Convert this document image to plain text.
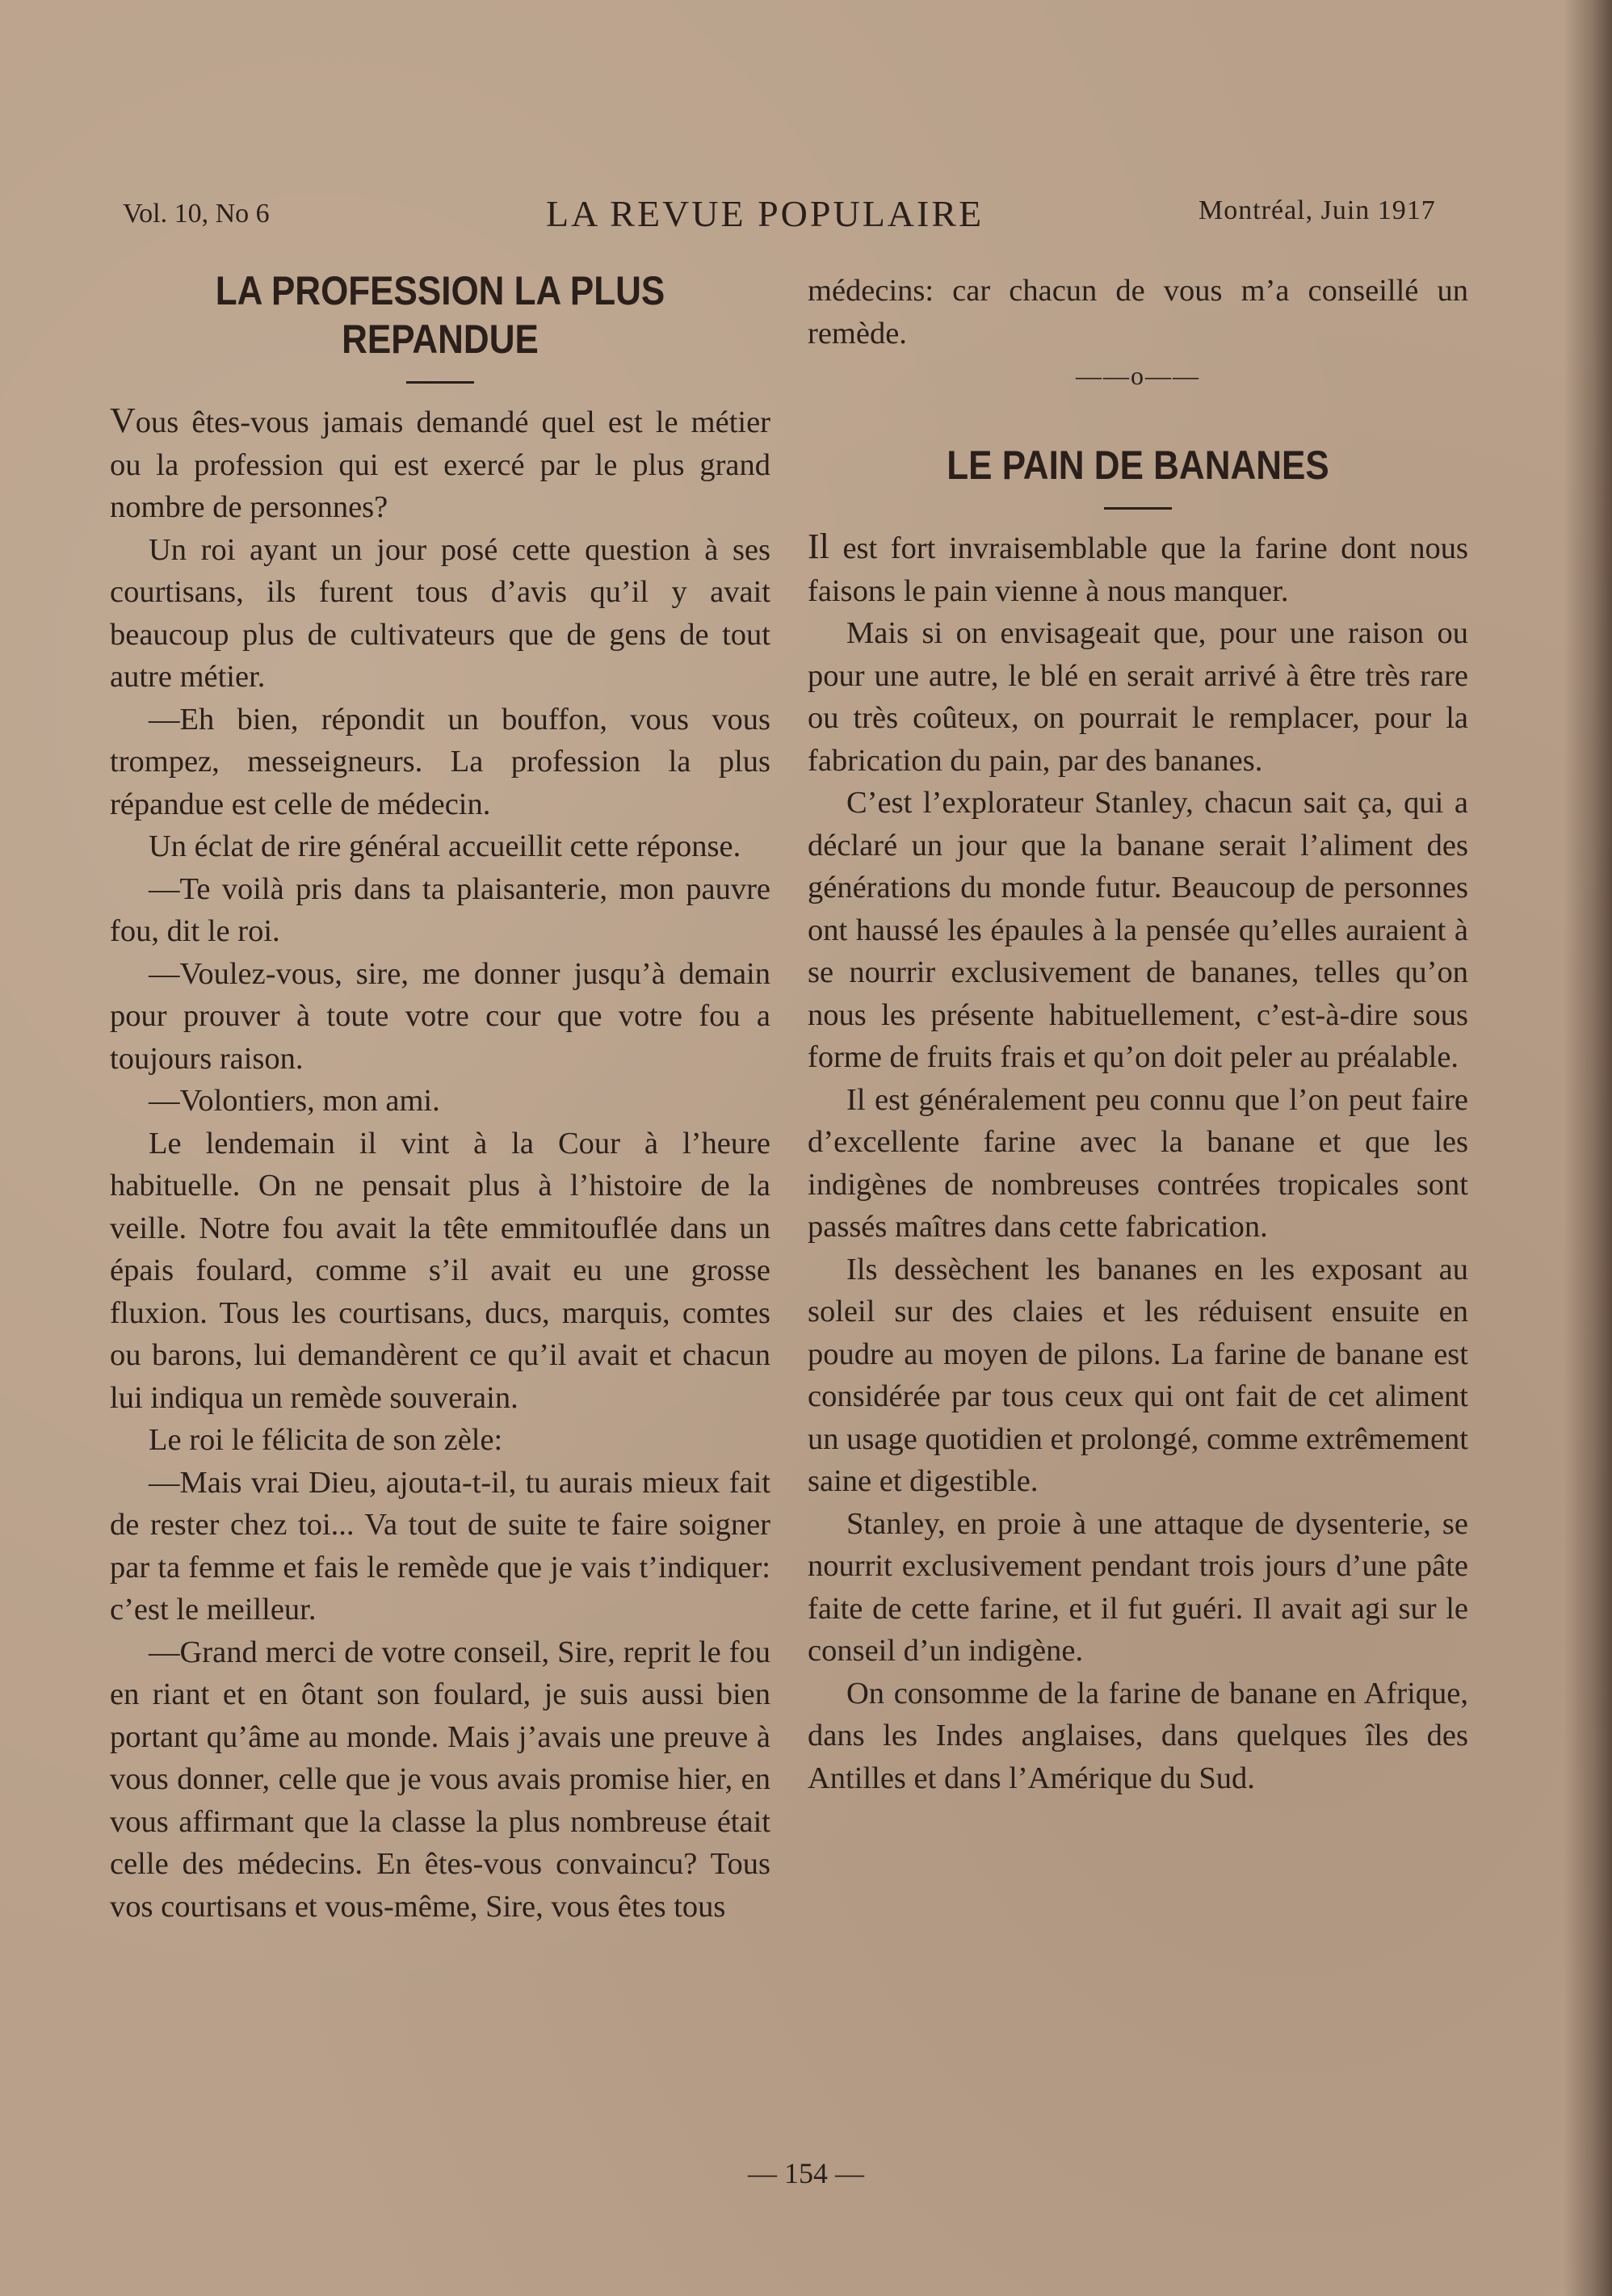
Vol. 10, No 6	LA REVUE POPULAIRE	Montréal, Juin 1917
LA PROFESSION LA PLUS
REPANDUE

Vous êtes-vous jamais demandé quel est le métier ou la profession qui est exercé par le plus grand nombre de personnes?

Un roi ayant un jour posé cette question à ses courtisans, ils furent tous d’avis qu’il y avait beaucoup plus de cultivateurs que de gens de tout autre métier.

—Eh bien, répondit un bouffon, vous vous trompez, messeigneurs. La profession la plus répandue est celle de médecin.

Un éclat de rire général accueillit cette réponse.

—Te voilà pris dans ta plaisanterie, mon pauvre fou, dit le roi.

—Voulez-vous, sire, me donner jusqu’à demain pour prouver à toute votre cour que votre fou a toujours raison.

—Volontiers, mon ami.

Le lendemain il vint à la Cour à l’heure habituelle. On ne pensait plus à l’histoire de la veille. Notre fou avait la tête emmitouflée dans un épais foulard, comme s’il avait eu une grosse fluxion. Tous les courtisans, ducs, marquis, comtes ou barons, lui demandèrent ce qu’il avait et chacun lui indiqua un remède souverain.

Le roi le félicita de son zèle:

—Mais vrai Dieu, ajouta-t-il, tu aurais mieux fait de rester chez toi... Va tout de suite te faire soigner par ta femme et fais le remède que je vais t’indiquer: c’est le meilleur.

—Grand merci de votre conseil, Sire, reprit le fou en riant et en ôtant son foulard, je suis aussi bien portant qu’âme au monde. Mais j’avais une preuve à vous donner, celle que je vous avais promise hier, en vous affirmant que la classe la plus nombreuse était celle des médecins. En êtes-vous convaincu? Tous vos courtisans et vous-même, Sire, vous êtes tous

médecins: car chacun de vous m’a conseillé un remède.

——o——
LE PAIN DE BANANES

Il est fort invraisemblable que la farine dont nous faisons le pain vienne à nous manquer.

Mais si on envisageait que, pour une raison ou pour une autre, le blé en serait arrivé à être très rare ou très coûteux, on pourrait le remplacer, pour la fabrication du pain, par des bananes.

C’est l’explorateur Stanley, chacun sait ça, qui a déclaré un jour que la banane serait l’aliment des générations du monde futur. Beaucoup de personnes ont haussé les épaules à la pensée qu’elles auraient à se nourrir exclusivement de bananes, telles qu’on nous les présente habituellement, c’est-à-dire sous forme de fruits frais et qu’on doit peler au préalable.

Il est généralement peu connu que l’on peut faire d’excellente farine avec la banane et que les indigènes de nombreuses contrées tropicales sont passés maîtres dans cette fabrication.

Ils dessèchent les bananes en les exposant au soleil sur des claies et les réduisent ensuite en poudre au moyen de pilons. La farine de banane est considérée par tous ceux qui ont fait de cet aliment un usage quotidien et prolongé, comme extrêmement saine et digestible.

Stanley, en proie à une attaque de dysenterie, se nourrit exclusivement pendant trois jours d’une pâte faite de cette farine, et il fut guéri. Il avait agi sur le conseil d’un indigène.

On consomme de la farine de banane en Afrique, dans les Indes anglaises, dans quelques îles des Antilles et dans l’Amérique du Sud.

— 154 —
